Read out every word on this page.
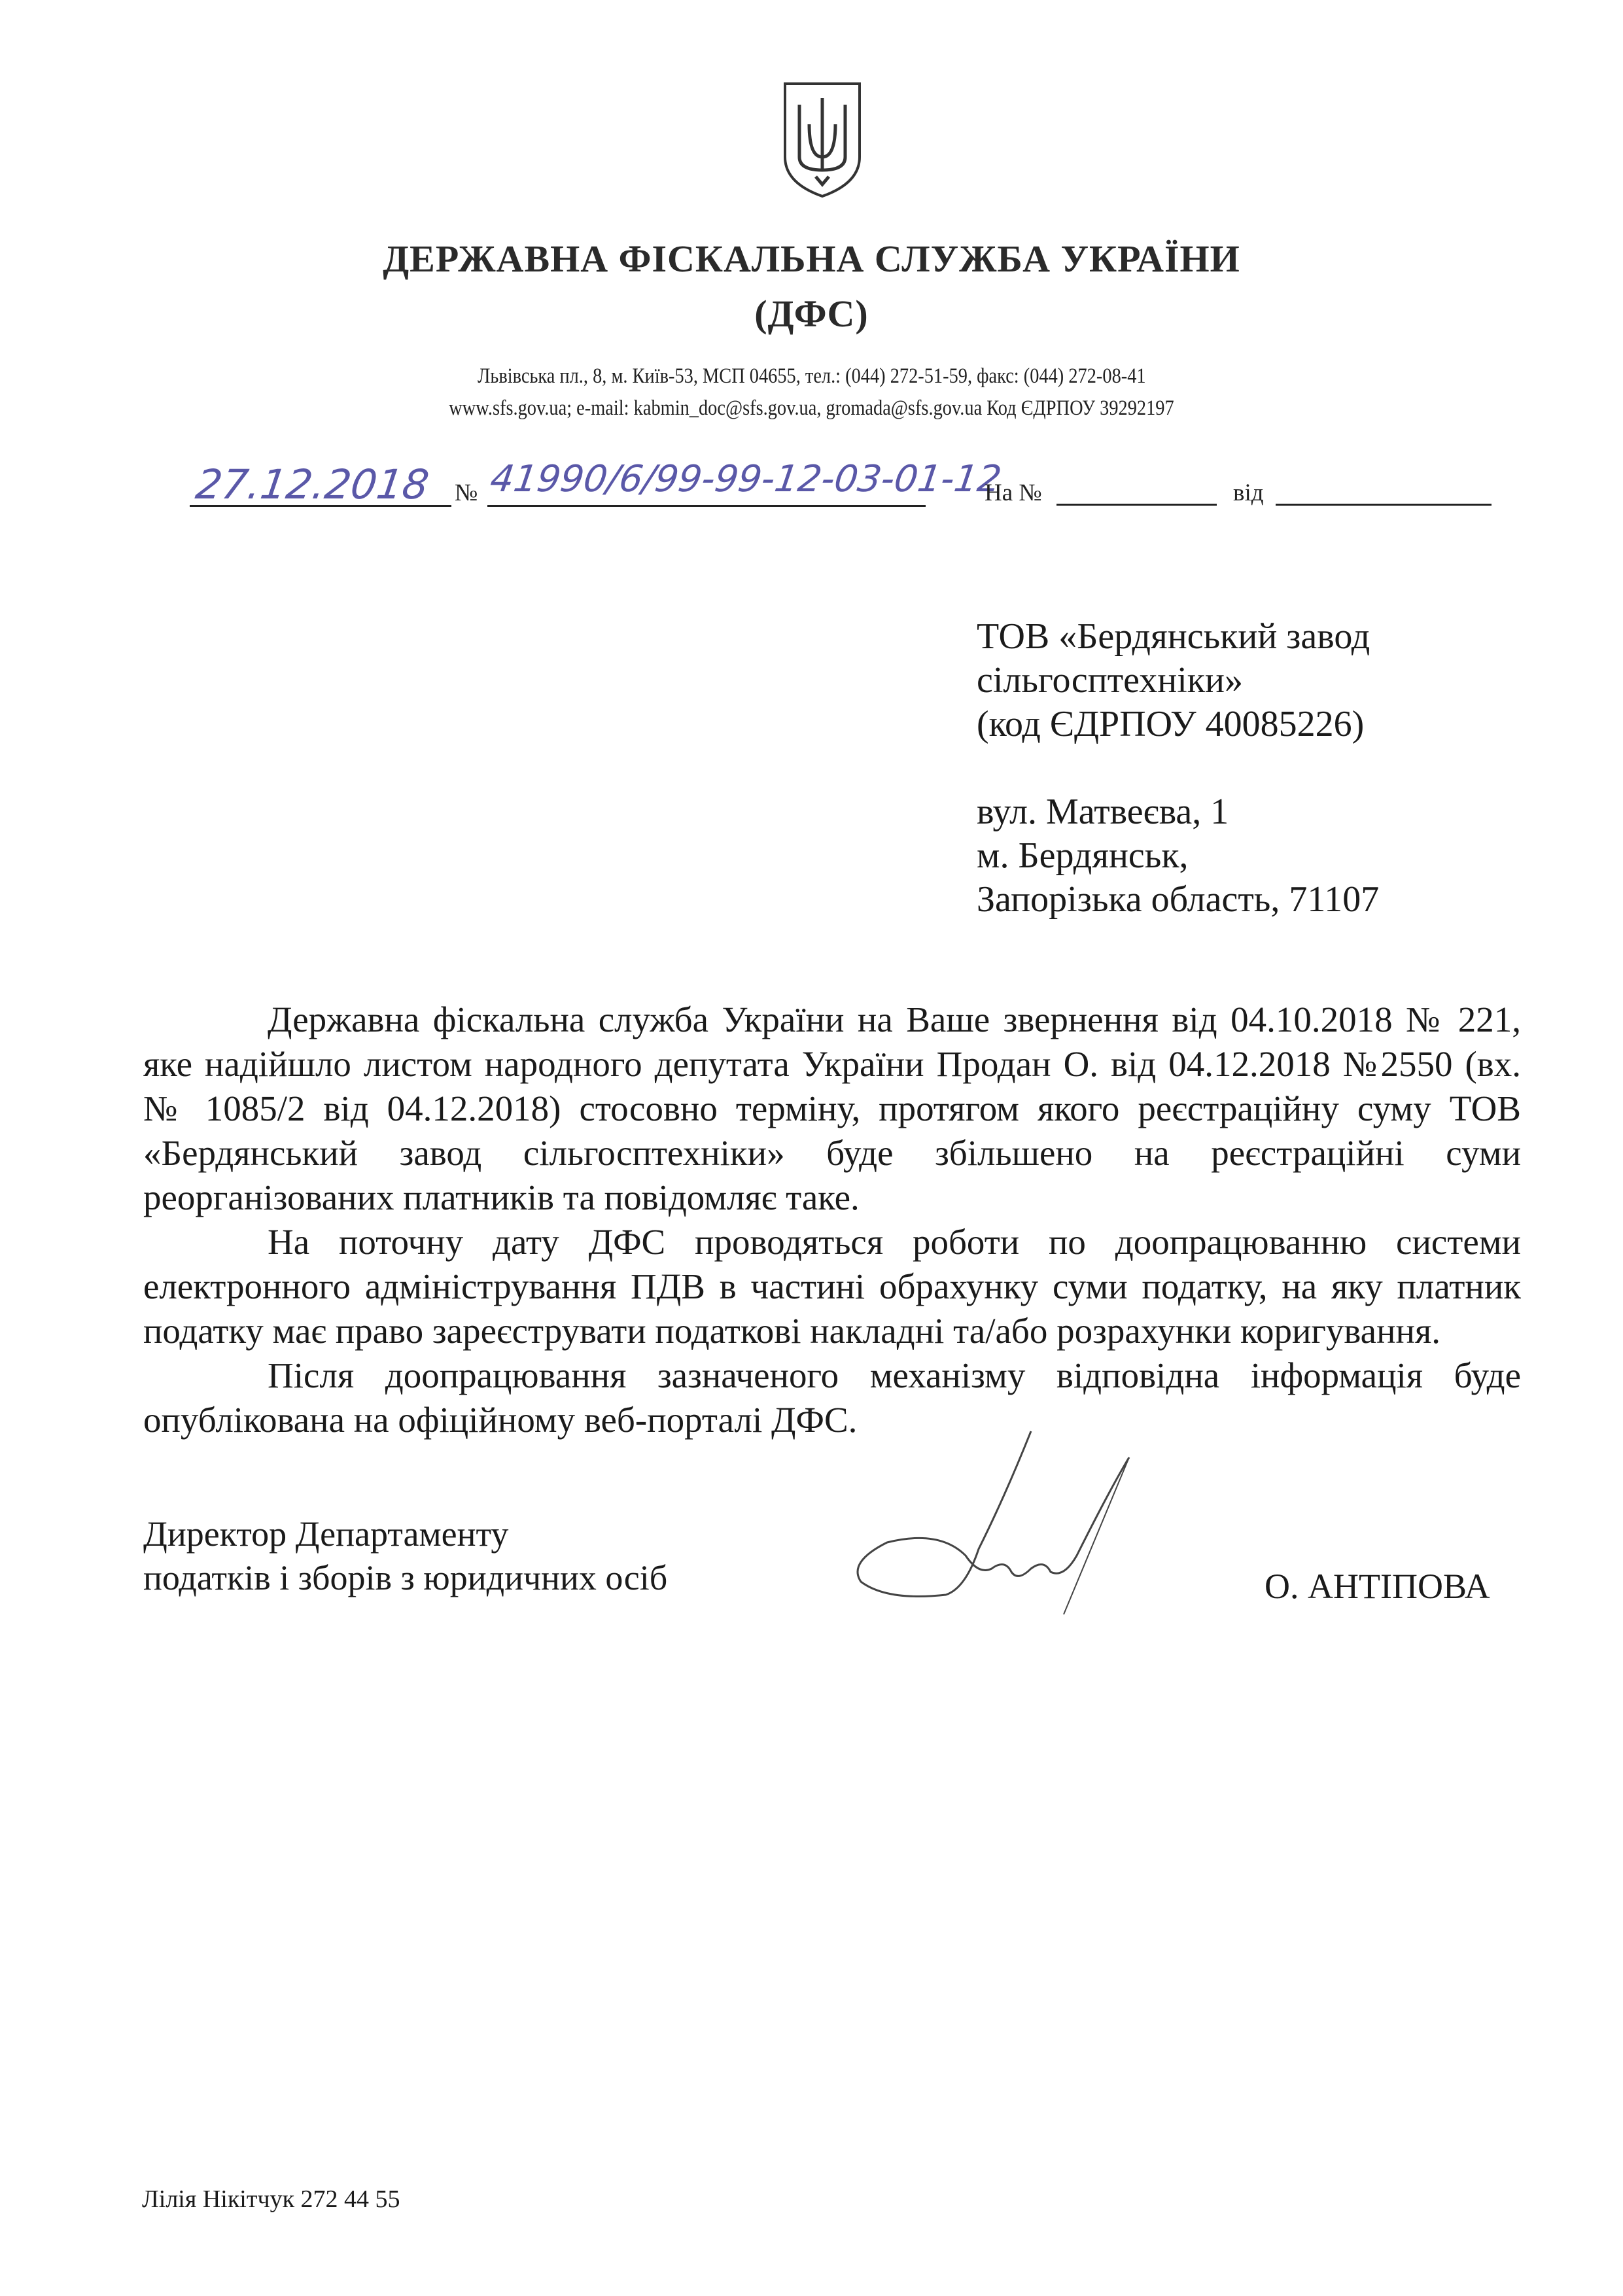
ДЕРЖАВНА ФІСКАЛЬНА СЛУЖБА УКРАЇНИ
(ДФС)
Львівська пл., 8, м. Київ-53, МСП 04655, тел.: (044) 272-51-59, факс: (044) 272-08-41
www.sfs.gov.ua; e-mail: kabmin_doc@sfs.gov.ua, gromada@sfs.gov.ua Код ЄДРПОУ 39292197
27.12.2018 № 41990/6/99-99-12-03-01-12
На №	від
ТОВ «Бердянський завод
сільгосптехніки»
(код ЄДРПОУ 40085226)
вул. Матвеєва, 1
м. Бердянськ,
Запорізька область, 71107

Державна фіскальна служба України на Ваше звернення від 04.10.2018 № 221, яке надійшло листом народного депутата України Продан О. від 04.12.2018 №2550 (вх. № 1085/2 від 04.12.2018) стосовно терміну, протягом якого реєстраційну суму ТОВ «Бердянський завод сільгосптехніки» буде збільшено на реєстраційні суми реорганізованих платників та повідомляє таке.

На поточну дату ДФС проводяться роботи по доопрацюванню системи електронного адміністрування ПДВ в частині обрахунку суми податку, на яку платник податку має право зареєструвати податкові накладні та/або розрахунки коригування.

Після доопрацювання зазначеного механізму відповідна інформація буде опублікована на офіційному веб-порталі ДФС.

Директор Департаменту
податків і зборів з юридичних осіб	О. АНТІПОВА
Лілія Нікітчук 272 44 55
